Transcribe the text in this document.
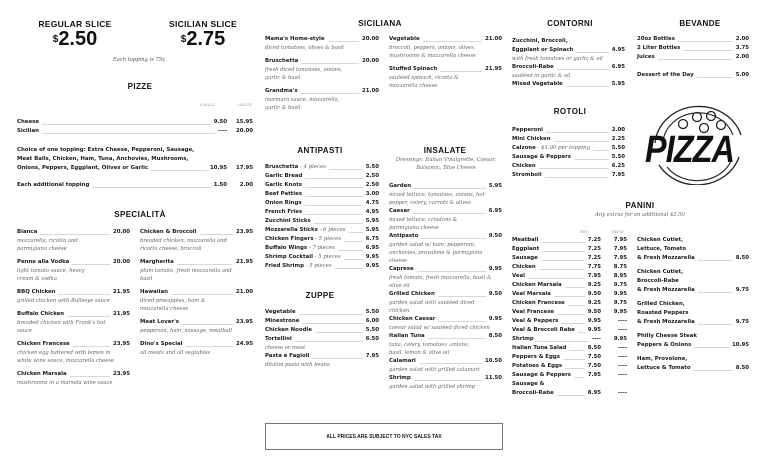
REGULAR SLICE
$2.50
SICILIAN SLICE
$2.75
Each topping is 75¢.
PIZZE
SMALL	LARGE
Cheese	9.50	15.95
Sicilian	----	20.00
Choice of one topping: Extra Cheese, Pepperoni, Sausage,
Meat Balls, Chicken, Ham, Tuna, Anchovies, Mushrooms,
Onions, Peppers, Eggplant, Olives or Garlic	10.95	17.95
Each additional topping	1.50	2.00
SPECIALITÀ
Bianca	20.00
mozzarella, ricotta and
parmigiana cheese
Penne alla Vodka	20.00
light tomato sauce, heavy
cream & vodka
BBQ Chicken	21.95
grilled chicken with Bullseye sauce
Buffalo Chicken	21.95
breaded chicken with Frank's hot
sauce
Chicken Francese	23.95
chicken egg battered with lemon in
white wine sauce, mozzarella cheese
Chicken Marsala	23.95
mushrooms in a marsala wine sauce
Chicken & Broccoli	23.95
breaded chicken, mozzarella and
ricotta cheese, broccoli
Margherita	21.95
plum tomato, fresh mozzarella and
basil
Hawaiian	21.00
diced pineapples, ham &
mozzarella cheese
Meat Lover's	23.95
pepperoni, ham, sausage, meatball
Dino's Special	24.95
all meats and all vegtables
SICILIANA
Mama's Home-style	20.00
diced tomatoes, olives & basil
Bruschetta	20.00
fresh diced tomatoes, onions,
garlic & basil
Grandma's	21.00
marinara sauce, mozzarella,
garlic & basil
Vegetable	21.00
broccoli, peppers, onions, olives,
mushrooms & mozzarella cheese
Stuffed Spinach	21.95
sautéed spinach, ricotta &
mozzarella cheese
ANTIPASTI
Bruschetta - 4 pieces	5.50
Garlic Bread	2.50
Garlic Knots	2.50
Beef Patties	3.00
Onion Rings	4.75
French Fries	4.95
Zucchini Sticks	5.95
Mozzarella Sticks - 6 pieces	5.95
Chicken Fingers - 5 pieces	6.75
Buffalo Wings - 7 pieces	6.95
Shrimp Cocktail - 5 pieces	9.95
Fried Shrimp - 5 pieces	9.95
ZUPPE
Vegetable	5.50
Minestrone	6.00
Chicken Noodle	5.50
Tortellini	6.50
cheese or meat
Pasta é Fagioli	7.95
ditalini pasta with beans
INSALATE
Dressings: Italian Vinaigrette, Caesar,
Balsamic, Blue Cheese
Garden	5.95
mixed lettuce, tomatoes, onions, hot
pepper, celery, carrots & olives
Caesar	6.95
mixed lettuce, croutons &
parmigiana cheese
Antipasto	9.50
garden salad w/ ham, pepperoni,
anchovies, provalone & parmigiana
cheese
Caprese	9.95
fresh tomato, fresh mozzarella, basil &
olive oil
Grilled Chicken	9.50
garden salad with sautéed diced
chicken
Chicken Caesar	9.95
caesar salad w/ sautéed diced chicken
Italian Tuna	8.50
tuna, celery, tomatoes ,onions,
basil, lemon & olive oil
Calamari	10.50
garden salad with grilled calamari
Shrimp	11.50
garden salad with grilled shrimp
CONTORNI
Zucchini, Broccoli,
Eggplant or Spinach	4.95
with fresh tomatoes or garlic & oil
Broccoli-Rabe	6.95
sautéed in garlic & oil
Mixed Vegetable	5.95
ROTOLI
Pepperoni	2.00
Mini Chicken	2.25
Calzone - $1.00 per topping	5.50
Sausage & Peppers	5.50
Chicken	6.25
Stromboli	7.95
BEVANDE
20oz Bottles	2.00
2 Liter Bottles	3.75
Juices	2.00
Dessert of the Day	5.00
PIZZA
PANINI
Any extras for an additional $2.50
REG	PARM
Meatball	7.25	7.95
Eggplant	7.25	7.95
Sausage	7.25	7.95
Chicken	7.75	8.75
Veal	7.95	8.95
Chicken Marsala	9.25	9.75
Veal Marsala	9.50	9.95
Chicken Francese	9.25	9.75
Veal Francese	9.50	9.95
Veal & Peppers	9.95	----
Veal & Broccoli Rabe 9.95	----
Shrimp	----	9.95
Italian Tuna Salad	8.50	----
Peppers & Eggs	7.50	----
Potatoes & Eggs	7.50	----
Sausage & Peppers	7.95	----
Sausage &
Broccoli-Rabe	8.95	----
Chicken Cutlet,
Lettuce, Tomato
& Fresh Mozzarella	8.50
Chicken Cutlet,
Broccoli-Rabe
& Fresh Mozzarella	9.75
Grilled Chicken,
Roasted Peppers
& Fresh Mozzarella	9.75
Philly Cheese Steak
Peppers & Onions	10.95
Ham, Provolone,
Lettuce & Tomato	8.50
ALL PRICES ARE SUBJECT TO NYC SALES TAX
